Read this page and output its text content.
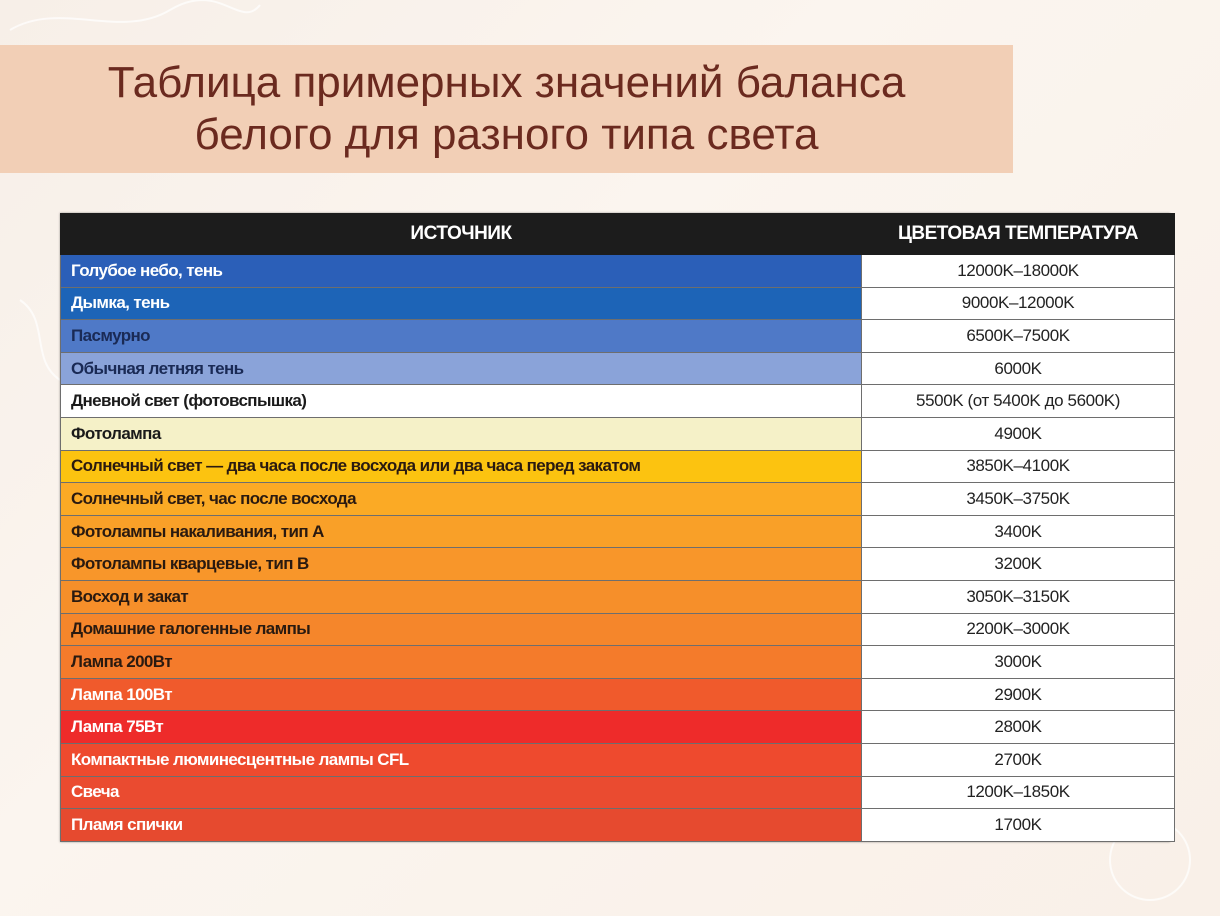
Таблица примерных значений баланса
белого для разного типа света
ИСТОЧНИК	ЦВЕТОВАЯ ТЕМПЕРАТУРА
Голубое небо, тень	12000K–18000K
Дымка, тень	9000K–12000K
Пасмурно	6500K–7500K
Обычная летняя тень	6000K
Дневной свет (фотовспышка)	5500K (от 5400K до 5600K)
Фотолампа	4900K
Солнечный свет — два часа после восхода или два часа перед закатом	3850K–4100K
Солнечный свет, час после восхода	3450K–3750K
Фотолампы накаливания, тип A	3400K
Фотолампы кварцевые, тип B	3200K
Восход и закат	3050K–3150K
Домашние галогенные лампы	2200K–3000K
Лампа 200Вт	3000K
Лампа 100Вт	2900K
Лампа 75Вт	2800K
Компактные люминесцентные лампы CFL	2700K
Свеча	1200K–1850K
Пламя спички	1700K
